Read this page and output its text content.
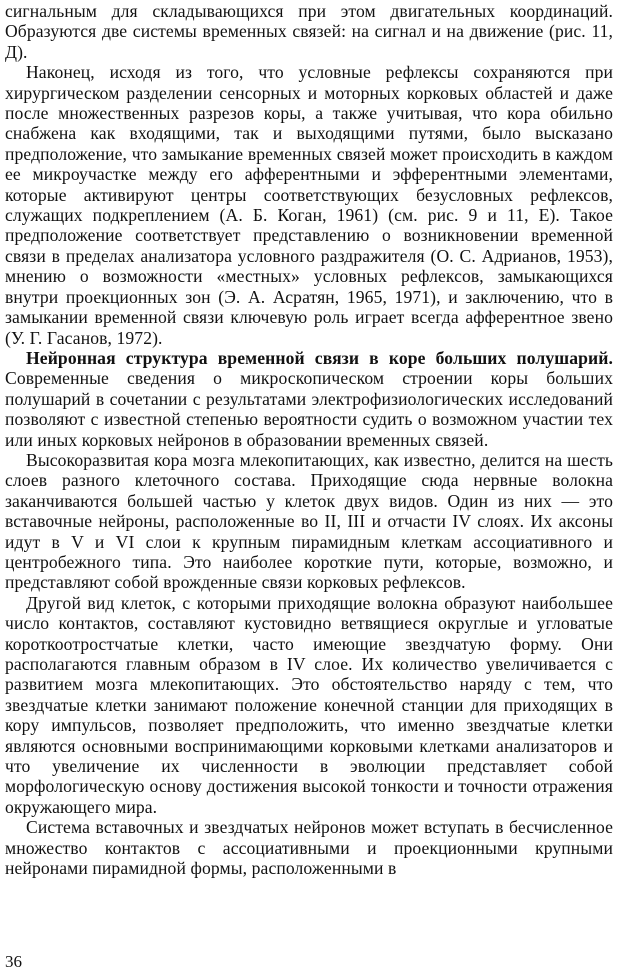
сигнальным для складывающихся при этом двигательных координаций. Образуются две системы временных связей: на сигнал и на движение (рис. 11, Д).

Наконец, исходя из того, что условные рефлексы сохраняются при хирургическом разделении сенсорных и моторных корковых областей и даже после множественных разрезов коры, а также учитывая, что кора обильно снабжена как входящими, так и выходящими путями, было высказано предположение, что замыкание временных связей может происходить в каждом ее микроучастке между его афферентными и эфферентными элементами, которые активируют центры соответствующих безусловных рефлексов, служащих подкреплением (А. Б. Коган, 1961) (см. рис. 9 и 11, Е). Такое предположение соответствует представлению о возникновении временной связи в пределах анализатора условного раздражителя (О. С. Адрианов, 1953), мнению о возможности «местных» условных рефлексов, замыкающихся внутри проекционных зон (Э. А. Асратян, 1965, 1971), и заключению, что в замыкании временной связи ключевую роль играет всегда афферентное звено (У. Г. Гасанов, 1972).

Нейронная структура временной связи в коре больших полушарий. Современные сведения о микроскопическом строении коры больших полушарий в сочетании с результатами электрофизиологических исследований позволяют с известной степенью вероятности судить о возможном участии тех или иных корковых нейронов в образовании временных связей.

Высокоразвитая кора мозга млекопитающих, как известно, делится на шесть слоев разного клеточного состава. Приходящие сюда нервные волокна заканчиваются большей частью у клеток двух видов. Один из них — это вставочные нейроны, расположенные во II, III и отчасти IV слоях. Их аксоны идут в V и VI слои к крупным пирамидным клеткам ассоциативного и центробежного типа. Это наиболее короткие пути, которые, возможно, и представляют собой врожденные связи корковых рефлексов.

Другой вид клеток, с которыми приходящие волокна образуют наибольшее число контактов, составляют кустовидно ветвящиеся округлые и угловатые короткоотростчатые клетки, часто имеющие звездчатую форму. Они располагаются главным образом в IV слое. Их количество увеличивается с развитием мозга млекопитающих. Это обстоятельство наряду с тем, что звездчатые клетки занимают положение конечной станции для приходящих в кору импульсов, позволяет предположить, что именно звездчатые клетки являются основными воспринимающими корковыми клетками анализаторов и что увеличение их численности в эволюции представляет собой морфологическую основу достижения высокой тонкости и точности отражения окружающего мира.

Система вставочных и звездчатых нейронов может вступать в бесчисленное множество контактов с ассоциативными и проекционными крупными нейронами пирамидной формы, расположенными в

36
